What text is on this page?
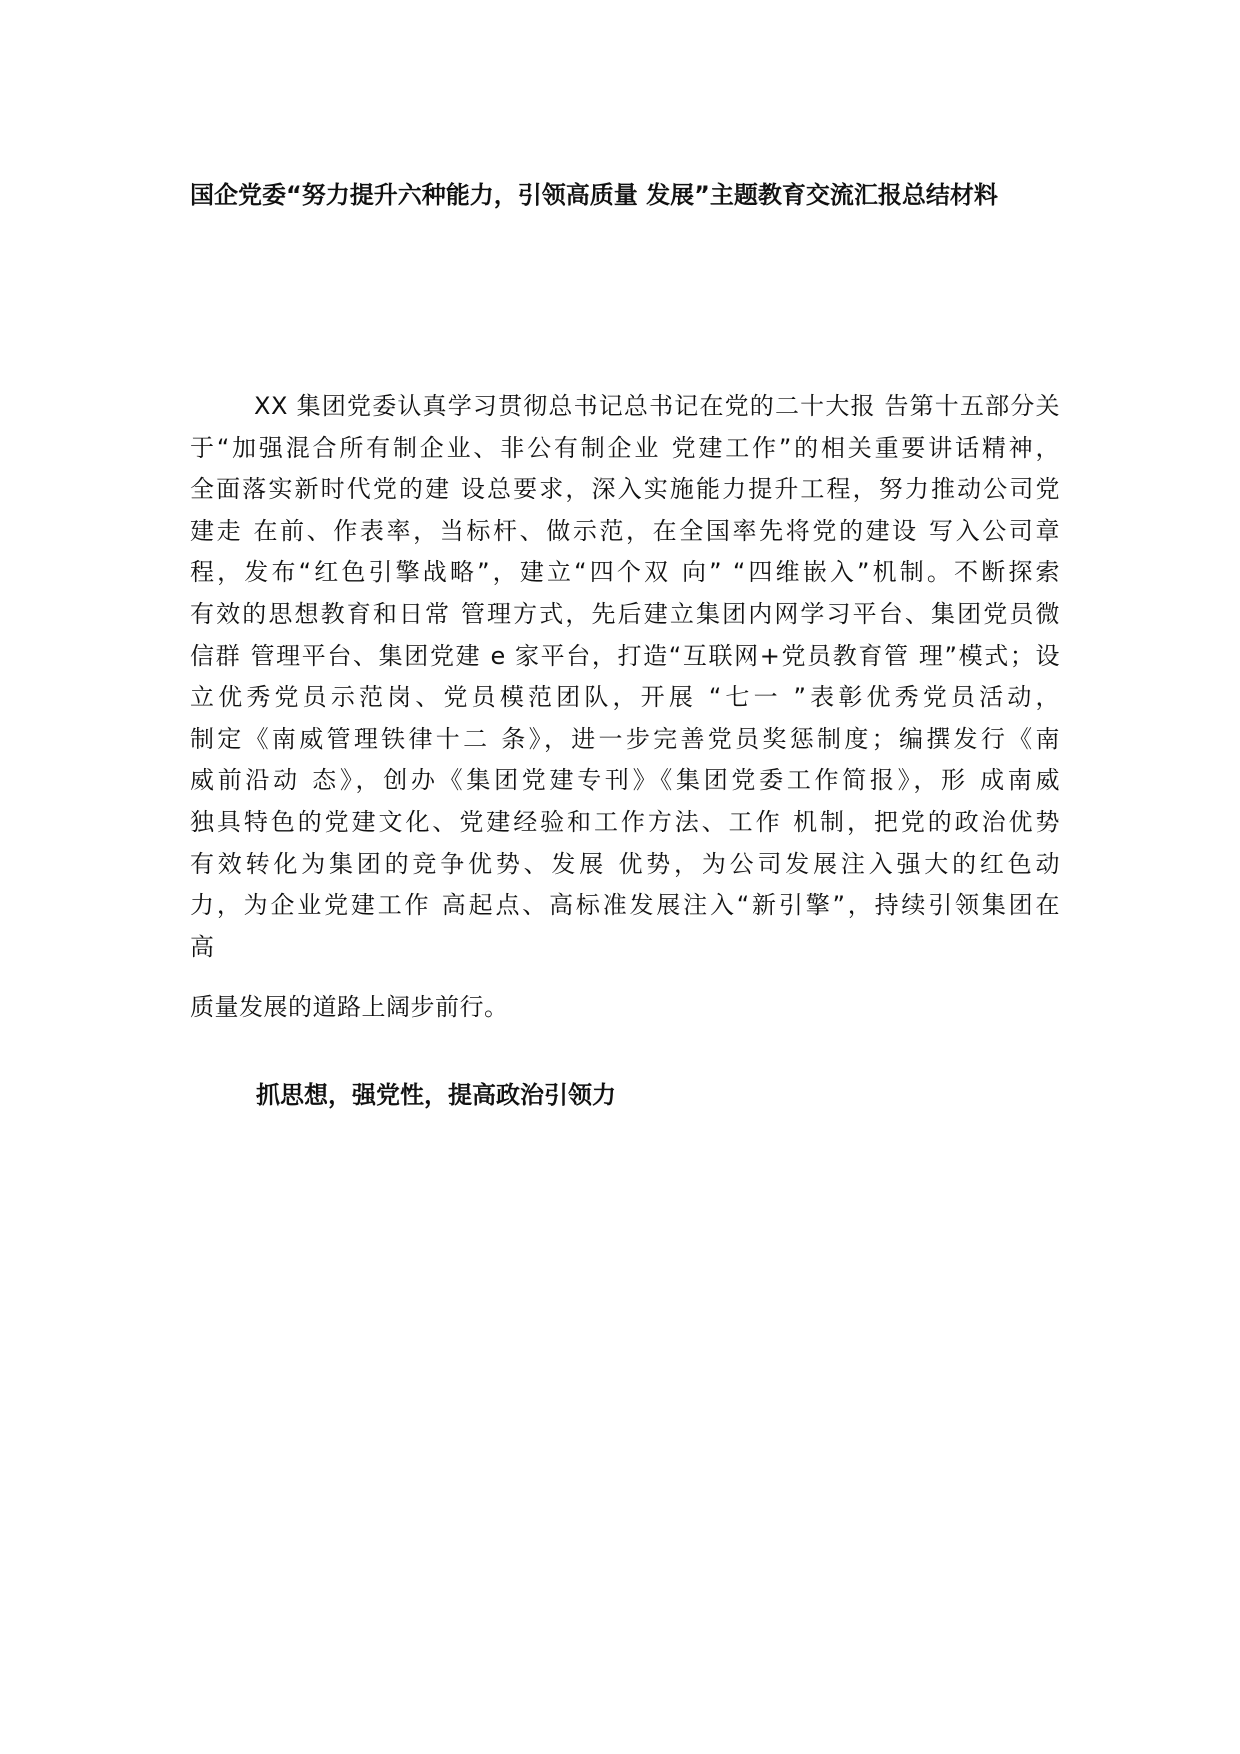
国企党委“努力提升六种能力，引领高质量 发展”主题教育交流汇报总结材料
XX 集团党委认真学习贯彻总书记总书记在党的二十大报 告第十五部分关
于“加强混合所有制企业、非公有制企业 党建工作”的相关重要讲话精神，
全面落实新时代党的建 设总要求，深入实施能力提升工程，努力推动公司党
建走 在前、作表率，当标杆、做示范，在全国率先将党的建设 写入公司章
程，发布“红色引擎战略”，建立“四个双 向” “四维嵌入”机制。不断探索
有效的思想教育和日常 管理方式，先后建立集团内网学习平台、集团党员微
信群 管理平台、集团党建 e 家平台，打造“互联网+党员教育管 理”模式；设
立优秀党员示范岗、党员模范团队，开展 “七一 ”表彰优秀党员活动，
制定《南威管理铁律十二 条》，进一步完善党员奖惩制度；编撰发行《南
威前沿动 态》，创办《集团党建专刊》《集团党委工作简报》，形 成南威
独具特色的党建文化、党建经验和工作方法、工作 机制，把党的政治优势
有效转化为集团的竞争优势、发展 优势，为公司发展注入强大的红色动
力，为企业党建工作 高起点、高标准发展注入“新引擎”，持续引领集团在
高

质量发展的道路上阔步前行。

抓思想，强党性，提高政治引领力
